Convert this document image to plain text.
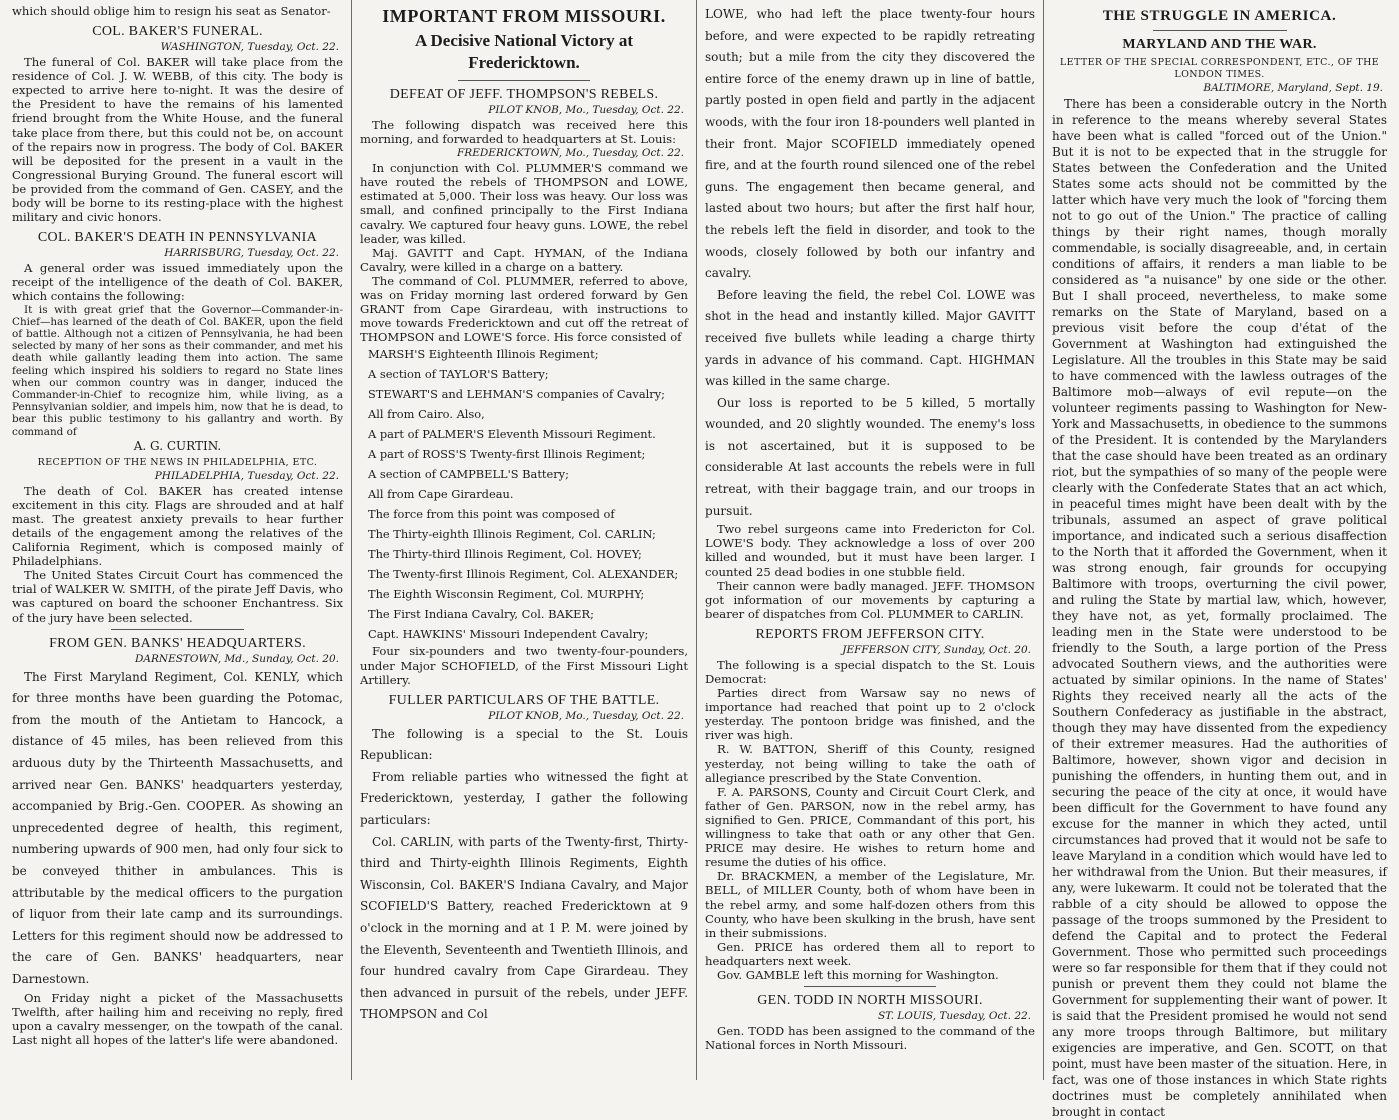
which should oblige him to resign his seat as Senator-

COL. BAKER'S FUNERAL.
WASHINGTON, Tuesday, Oct. 22.

The funeral of Col. BAKER will take place from the residence of Col. J. W. WEBB, of this city. The body is expected to arrive here to-night. It was the desire of the President to have the remains of his lamented friend brought from the White House, and the funeral take place from there, but this could not be, on account of the repairs now in progress. The body of Col. BAKER will be deposited for the present in a vault in the Congressional Burying Ground. The funeral escort will be provided from the command of Gen. CASEY, and the body will be borne to its resting-place with the highest military and civic honors.

COL. BAKER'S DEATH IN PENNSYLVANIA
HARRISBURG, Tuesday, Oct. 22.

A general order was issued immediately upon the receipt of the intelligence of the death of Col. BAKER, which contains the following:

It is with great grief that the Governor—Commander-in-Chief—has learned of the death of Col. BAKER, upon the field of battle. Although not a citizen of Pennsylvania, he had been selected by many of her sons as their commander, and met his death while gallantly leading them into action. The same feeling which inspired his soldiers to regard no State lines when our common country was in danger, induced the Commander-in-Chief to recognize him, while living, as a Pennsylvanian soldier, and impels him, now that he is dead, to bear this public testimony to his gallantry and worth. By command of

A. G. CURTIN.
RECEPTION OF THE NEWS IN PHILADELPHIA, ETC.
PHILADELPHIA, Tuesday, Oct. 22.

The death of Col. BAKER has created intense excitement in this city. Flags are shrouded and at half mast. The greatest anxiety prevails to hear further details of the engagement among the relatives of the California Regiment, which is composed mainly of Philadelphians.

The United States Circuit Court has commenced the trial of WALKER W. SMITH, of the pirate Jeff Davis, who was captured on board the schooner Enchantress. Six of the jury have been selected.

FROM GEN. BANKS' HEADQUARTERS.
DARNESTOWN, Md., Sunday, Oct. 20.

The First Maryland Regiment, Col. KENLY, which for three months have been guarding the Potomac, from the mouth of the Antietam to Hancock, a distance of 45 miles, has been relieved from this arduous duty by the Thirteenth Massachusetts, and arrived near Gen. BANKS' headquarters yesterday, accompanied by Brig.-Gen. COOPER. As showing an unprecedented degree of health, this regiment, numbering upwards of 900 men, had only four sick to be conveyed thither in ambulances. This is attributable by the medical officers to the purgation of liquor from their late camp and its surroundings. Letters for this regiment should now be addressed to the care of Gen. BANKS' headquarters, near Darnestown.

On Friday night a picket of the Massachusetts Twelfth, after hailing him and receiving no reply, fired upon a cavalry messenger, on the towpath of the canal. Last night all hopes of the latter's life were abandoned.

IMPORTANT FROM MISSOURI.
A Decisive National Victory at Fredericktown.
DEFEAT OF JEFF. THOMPSON'S REBELS.
PILOT KNOB, Mo., Tuesday, Oct. 22.

The following dispatch was received here this morning, and forwarded to headquarters at St. Louis:

FREDERICKTOWN, Mo., Tuesday, Oct. 22.

In conjunction with Col. PLUMMER'S command we have routed the rebels of THOMPSON and LOWE, estimated at 5,000. Their loss was heavy. Our loss was small, and confined principally to the First Indiana cavalry. We captured four heavy guns. LOWE, the rebel leader, was killed.

Maj. GAVITT and Capt. HYMAN, of the Indiana Cavalry, were killed in a charge on a battery.

The command of Col. PLUMMER, referred to above, was on Friday morning last ordered forward by Gen GRANT from Cape Girardeau, with instructions to move towards Fredericktown and cut off the retreat of THOMPSON and LOWE'S force. His force consisted of

MARSH'S Eighteenth Illinois Regiment;

A section of TAYLOR'S Battery;

STEWART'S and LEHMAN'S companies of Cavalry;

All from Cairo. Also,

A part of PALMER'S Eleventh Missouri Regiment.

A part of ROSS'S Twenty-first Illinois Regiment;

A section of CAMPBELL'S Battery;

All from Cape Girardeau.

The force from this point was composed of

The Thirty-eighth Illinois Regiment, Col. CARLIN;

The Thirty-third Illinois Regiment, Col. HOVEY;

The Twenty-first Illinois Regiment, Col. ALEXANDER;

The Eighth Wisconsin Regiment, Col. MURPHY;

The First Indiana Cavalry, Col. BAKER;

Capt. HAWKINS' Missouri Independent Cavalry;

Four six-pounders and two twenty-four-pounders, under Major SCHOFIELD, of the First Missouri Light Artillery.

FULLER PARTICULARS OF THE BATTLE.
PILOT KNOB, Mo., Tuesday, Oct. 22.

The following is a special to the St. Louis Republican:

From reliable parties who witnessed the fight at Fredericktown, yesterday, I gather the following particulars:

Col. CARLIN, with parts of the Twenty-first, Thirty-third and Thirty-eighth Illinois Regiments, Eighth Wisconsin, Col. BAKER'S Indiana Cavalry, and Major SCOFIELD'S Battery, reached Fredericktown at 9 o'clock in the morning and at 1 P. M. were joined by the Eleventh, Seventeenth and Twentieth Illinois, and four hundred cavalry from Cape Girardeau. They then advanced in pursuit of the rebels, under JEFF. THOMPSON and Col

LOWE, who had left the place twenty-four hours before, and were expected to be rapidly retreating south; but a mile from the city they discovered the entire force of the enemy drawn up in line of battle, partly posted in open field and partly in the adjacent woods, with the four iron 18-pounders well planted in their front. Major SCOFIELD immediately opened fire, and at the fourth round silenced one of the rebel guns. The engagement then became general, and lasted about two hours; but after the first half hour, the rebels left the field in disorder, and took to the woods, closely followed by both our infantry and cavalry.

Before leaving the field, the rebel Col. LOWE was shot in the head and instantly killed. Major GAVITT received five bullets while leading a charge thirty yards in advance of his command. Capt. HIGHMAN was killed in the same charge.

Our loss is reported to be 5 killed, 5 mortally wounded, and 20 slightly wounded. The enemy's loss is not ascertained, but it is supposed to be considerable At last accounts the rebels were in full retreat, with their baggage train, and our troops in pursuit.

Two rebel surgeons came into Fredericton for Col. LOWE'S body. They acknowledge a loss of over 200 killed and wounded, but it must have been larger. I counted 25 dead bodies in one stubble field.

Their cannon were badly managed. JEFF. THOMSON got information of our movements by capturing a bearer of dispatches from Col. PLUMMER to CARLIN.

REPORTS FROM JEFFERSON CITY.
JEFFERSON CITY, Sunday, Oct. 20.

The following is a special dispatch to the St. Louis Democrat:

Parties direct from Warsaw say no news of importance had reached that point up to 2 o'clock yesterday. The pontoon bridge was finished, and the river was high.

R. W. BATTON, Sheriff of this County, resigned yesterday, not being willing to take the oath of allegiance prescribed by the State Convention.

F. A. PARSONS, County and Circuit Court Clerk, and father of Gen. PARSON, now in the rebel army, has signified to Gen. PRICE, Commandant of this port, his willingness to take that oath or any other that Gen. PRICE may desire. He wishes to return home and resume the duties of his office.

Dr. BRACKMEN, a member of the Legislature, Mr. BELL, of MILLER County, both of whom have been in the rebel army, and some half-dozen others from this County, who have been skulking in the brush, have sent in their submissions.

Gen. PRICE has ordered them all to report to headquarters next week.

Gov. GAMBLE left this morning for Washington.

GEN. TODD IN NORTH MISSOURI.
ST. LOUIS, Tuesday, Oct. 22.

Gen. TODD has been assigned to the command of the National forces in North Missouri.

THE STRUGGLE IN AMERICA.
MARYLAND AND THE WAR.
LETTER OF THE SPECIAL CORRESPONDENT, ETC., OF THE LONDON TIMES.
BALTIMORE, Maryland, Sept. 19.

There has been a considerable outcry in the North in reference to the means whereby several States have been what is called "forced out of the Union." But it is not to be expected that in the struggle for States between the Confederation and the United States some acts should not be committed by the latter which have very much the look of "forcing them not to go out of the Union." The practice of calling things by their right names, though morally commendable, is socially disagreeable, and, in certain conditions of affairs, it renders a man liable to be considered as "a nuisance" by one side or the other. But I shall proceed, nevertheless, to make some remarks on the State of Maryland, based on a previous visit before the coup d'état of the Government at Washington had extinguished the Legislature. All the troubles in this State may be said to have commenced with the lawless outrages of the Baltimore mob—always of evil repute—on the volunteer regiments passing to Washington for New-York and Massachusetts, in obedience to the summons of the President. It is contended by the Marylanders that the case should have been treated as an ordinary riot, but the sympathies of so many of the people were clearly with the Confederate States that an act which, in peaceful times might have been dealt with by the tribunals, assumed an aspect of grave political importance, and indicated such a serious disaffection to the North that it afforded the Government, when it was strong enough, fair grounds for occupying Baltimore with troops, overturning the civil power, and ruling the State by martial law, which, however, they have not, as yet, formally proclaimed. The leading men in the State were understood to be friendly to the South, a large portion of the Press advocated Southern views, and the authorities were actuated by similar opinions. In the name of States' Rights they received nearly all the acts of the Southern Confederacy as justifiable in the abstract, though they may have dissented from the expediency of their extremer measures. Had the authorities of Baltimore, however, shown vigor and decision in punishing the offenders, in hunting them out, and in securing the peace of the city at once, it would have been difficult for the Government to have found any excuse for the manner in which they acted, until circumstances had proved that it would not be safe to leave Maryland in a condition which would have led to her withdrawal from the Union. But their measures, if any, were lukewarm. It could not be tolerated that the rabble of a city should be allowed to oppose the passage of the troops summoned by the President to defend the Capital and to protect the Federal Government. Those who permitted such proceedings were so far responsible for them that if they could not punish or prevent them they could not blame the Government for supplementing their want of power. It is said that the President promised he would not send any more troops through Baltimore, but military exigencies are imperative, and Gen. SCOTT, on that point, must have been master of the situation. Here, in fact, was one of those instances in which State rights doctrines must be completely annihilated when brought in contact
